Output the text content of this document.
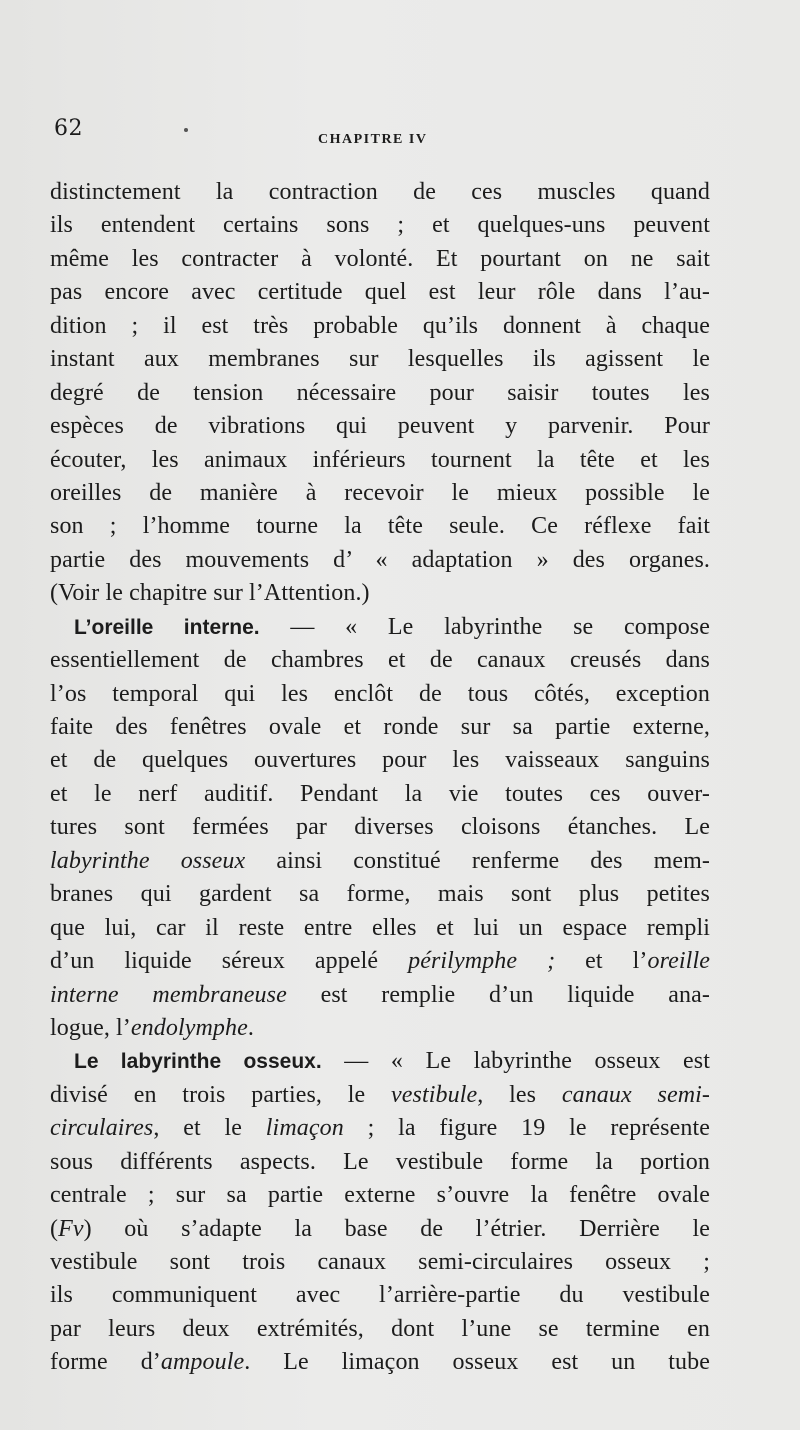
62	CHAPITRE IV
distinctement la contraction de ces muscles quand
ils entendent certains sons ; et quelques-uns peuvent
même les contracter à volonté. Et pourtant on ne sait
pas encore avec certitude quel est leur rôle dans l’au-
dition ; il est très probable qu’ils donnent à chaque
instant aux membranes sur lesquelles ils agissent le
degré de tension nécessaire pour saisir toutes les
espèces de vibrations qui peuvent y parvenir. Pour
écouter, les animaux inférieurs tournent la tête et les
oreilles de manière à recevoir le mieux possible le
son ; l’homme tourne la tête seule. Ce réflexe fait
partie des mouvements d’ « adaptation » des organes.
(Voir le chapitre sur l’Attention.)
L’oreille interne. — « Le labyrinthe se compose
essentiellement de chambres et de canaux creusés dans
l’os temporal qui les enclôt de tous côtés, exception
faite des fenêtres ovale et ronde sur sa partie externe,
et de quelques ouvertures pour les vaisseaux sanguins
et le nerf auditif. Pendant la vie toutes ces ouver-
tures sont fermées par diverses cloisons étanches. Le
labyrinthe osseux ainsi constitué renferme des mem-
branes qui gardent sa forme, mais sont plus petites
que lui, car il reste entre elles et lui un espace rempli
d’un liquide séreux appelé périlymphe ; et l’oreille
interne membraneuse est remplie d’un liquide ana-
logue, l’endolymphe.
Le labyrinthe osseux. — « Le labyrinthe osseux est
divisé en trois parties, le vestibule, les canaux semi-
circulaires, et le limaçon ; la figure 19 le représente
sous différents aspects. Le vestibule forme la portion
centrale ; sur sa partie externe s’ouvre la fenêtre ovale
(Fv) où s’adapte la base de l’étrier. Derrière le
vestibule sont trois canaux semi-circulaires osseux ;
ils communiquent avec l’arrière-partie du vestibule
par leurs deux extrémités, dont l’une se termine en
forme d’ampoule. Le limaçon osseux est un tube
